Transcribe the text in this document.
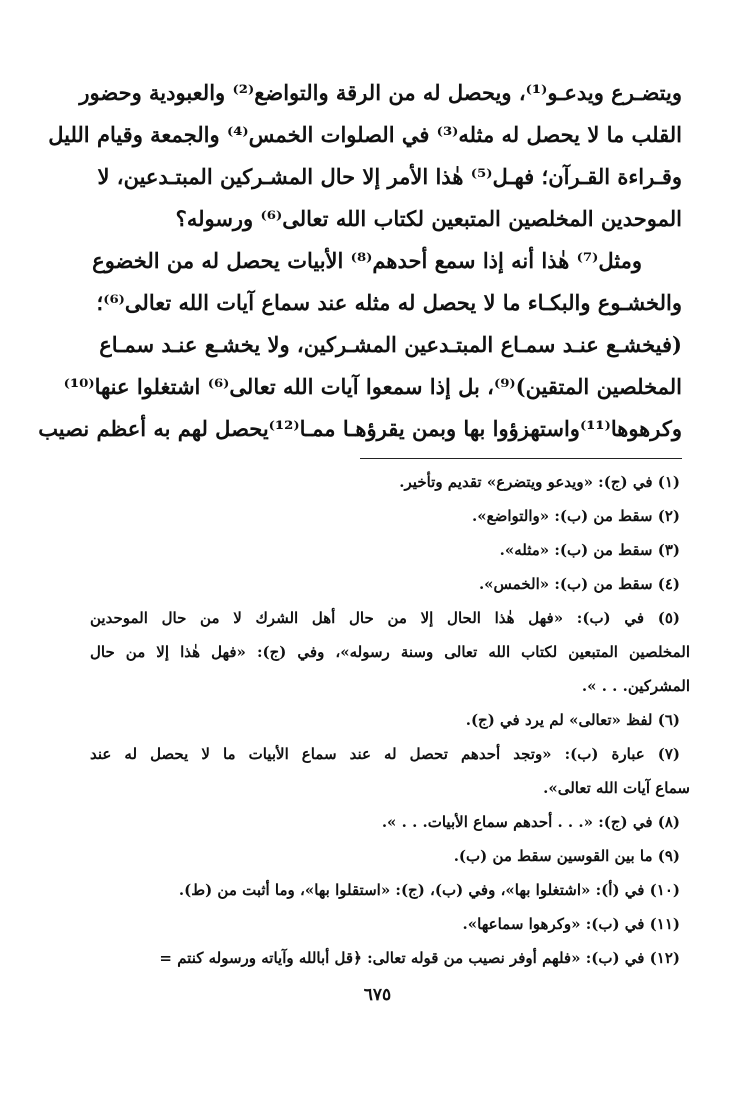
ويتضـرع ويدعـو⁽¹⁾، ويحصل له من الرقة والتواضع⁽²⁾ والعبودية وحضور
القلب ما لا يحصل له مثله⁽³⁾ في الصلوات الخمس⁽⁴⁾ والجمعة وقيام الليل
وقـراءة القـرآن؛ فهـل⁽⁵⁾ هٰذا الأمر إلا حال المشـركين المبتـدعين، لا
الموحدين المخلصين المتبعين لكتاب الله تعالى⁽⁶⁾ ورسوله؟
ومثل⁽⁷⁾ هٰذا أنه إذا سمع أحدهم⁽⁸⁾ الأبيات يحصل له من الخضوع
والخشـوع والبكـاء ما لا يحصل له مثله عند سماع آيات الله تعالى⁽⁶⁾؛
(فيخشـع عنـد سمـاع المبتـدعين المشـركين، ولا يخشـع عنـد سمـاع
المخلصين المتقين)⁽⁹⁾، بل إذا سمعوا آيات الله تعالى⁽⁶⁾ اشتغلوا عنها⁽¹⁰⁾
وكرهوها⁽¹¹⁾واستهزؤوا بها وبمن يقرؤهـا ممـا⁽¹²⁾يحصل لهم به أعظم نصيب
(١) في (ج): «ويدعو ويتضرع» تقديم وتأخير.
(٢) سقط من (ب): «والتواضع».
(٣) سقط من (ب): «مثله».
(٤) سقط من (ب): «الخمس».
(٥) في (ب): «فهل هٰذا الحال إلا من حال أهل الشرك لا من حال الموحدين
المخلصين المتبعين لكتاب الله تعالى وسنة رسوله»، وفي (ج): «فهل هٰذا إلا من حال
المشركين. . . ».
(٦) لفظ «تعالى» لم يرد في (ج).
(٧) عبارة (ب): «وتجد أحدهم تحصل له عند سماع الأبيات ما لا يحصل له عند
سماع آيات الله تعالى».
(٨) في (ج): «. . . أحدهم سماع الأبيات. . . ».
(٩) ما بين القوسين سقط من (ب).
(١٠) في (أ): «اشتغلوا بها»، وفي (ب)، (ج): «استقلوا بها»، وما أثبت من (ط).
(١١) في (ب): «وكرهوا سماعها».
(١٢) في (ب): «فلهم أوفر نصيب من قوله تعالى: ﴿قل أبالله وآياته ورسوله كنتم =
٦٧٥
